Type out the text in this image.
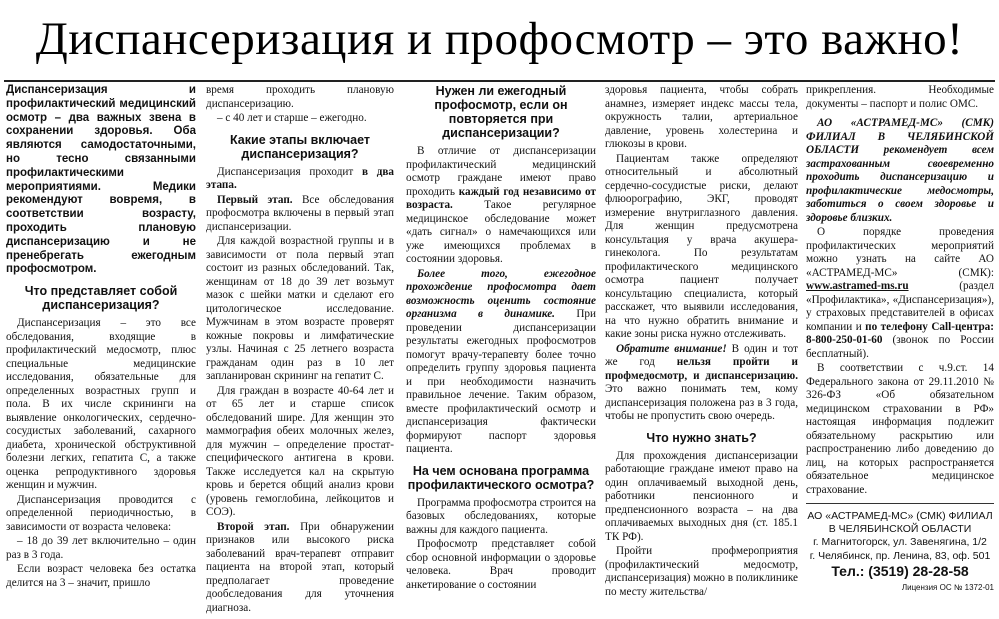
Диспансеризация и профосмотр – это важно!

Диспансеризация и профилактический медицинский осмотр – два важных звена в сохранении здоровья. Оба являются самодостаточными, но тесно связанными профилактическими мероприятиями. Медики рекомендуют вовремя, в соответствии возрасту, проходить плановую диспансеризацию и не пренебрегать ежегодным профосмотром.

Что представляет собой диспансеризация?

Диспансеризация – это все обследования, входящие в профилактический медосмотр, плюс специальные медицинские исследования, обязательные для определенных возрастных групп и пола. В их числе скрининги на выявление онкологических, сердечно-сосудистых заболеваний, сахарного диабета, хронической обструктивной болезни легких, гепатита С, а также оценка репродуктивного здоровья женщин и мужчин.

Диспансеризация проводится с определенной периодичностью, в зависимости от возраста человека:

– 18 до 39 лет включительно – один раз в 3 года.

Если возраст человека без остатка делится на 3 – значит, пришло

время проходить плановую диспансеризацию.

– с 40 лет и старше – ежегодно.

Какие этапы включает диспансеризация?

Диспансеризация проходит в два этапа.

Первый этап. Все обследования профосмотра включены в первый этап диспансеризации.

Для каждой возрастной группы и в зависимости от пола первый этап состоит из разных обследований. Так, женщинам от 18 до 39 лет возьмут мазок с шейки матки и сделают его цитологическое исследование. Мужчинам в этом возрасте проверят кожные покровы и лимфатические узлы. Начиная с 25 летнего возраста гражданам один раз в 10 лет запланирован скрининг на гепатит С.

Для граждан в возрасте 40-64 лет и от 65 лет и старше список обследований шире. Для женщин это маммография обеих молочных желез, для мужчин – определение простат-специфического антигена в крови. Также исследуется кал на скрытую кровь и берется общий анализ крови (уровень гемоглобина, лейкоцитов и СОЭ).

Второй этап. При обнаружении признаков или высокого риска заболеваний врач-терапевт отправит пациента на второй этап, который предполагает проведение дообследования для уточнения диагноза.

Нужен ли ежегодный профосмотр, если он повторяется при диспансеризации?

В отличие от диспансеризации профилактический медицинский осмотр граждане имеют право проходить каждый год независимо от возраста. Такое регулярное медицинское обследование может «дать сигнал» о намечающихся или уже имеющихся проблемах в состоянии здоровья.

Более того, ежегодное прохождение профосмотра дает возможность оценить состояние организма в динамике. При проведении диспансеризации результаты ежегодных профосмотров помогут врачу-терапевту более точно определить группу здоровья пациента и при необходимости назначить правильное лечение. Таким образом, вместе профилактический осмотр и диспансеризация фактически формируют паспорт здоровья пациента.

На чем основана программа профилактического осмотра?

Программа профосмотра строится на базовых обследованиях, которые важны для каждого пациента.

Профосмотр представляет собой сбор основной информации о здоровье человека. Врач проводит анкетирование о состоянии

здоровья пациента, чтобы собрать анамнез, измеряет индекс массы тела, окружность талии, артериальное давление, уровень холестерина и глюкозы в крови.

Пациентам также определяют относительный и абсолютный сердечно-сосудистые риски, делают флюорографию, ЭКГ, проводят измерение внутриглазного давления. Для женщин предусмотрена консультация у врача акушера-гинеколога. По результатам профилактического медицинского осмотра пациент получает консультацию специалиста, который расскажет, что выявили исследования, на что нужно обратить внимание и какие зоны риска нужно отслеживать.

Обратите внимание! В один и тот же год нельзя пройти и профмедосмотр, и диспансеризацию. Это важно понимать тем, кому диспансеризация положена раз в 3 года, чтобы не пропустить свою очередь.

Что нужно знать?

Для прохождения диспансеризации работающие граждане имеют право на один оплачиваемый выходной день, работники пенсионного и предпенсионного возраста – на два оплачиваемых выходных дня (ст. 185.1 ТК РФ).

Пройти профмероприятия (профилактический медосмотр, диспансеризация) можно в поликлинике по месту жительства/

прикрепления. Необходимые документы – паспорт и полис ОМС.

АО «АСТРАМЕД-МС» (СМК) ФИЛИАЛ В ЧЕЛЯБИНСКОЙ ОБЛАСТИ рекомендует всем застрахованным своевременно проходить диспансеризацию и профилактические медосмотры, заботиться о своем здоровье и здоровье близких.

О порядке проведения профилактических мероприятий можно узнать на сайте АО «АСТРАМЕД-МС» (СМК): www.astramed-ms.ru (раздел «Профилактика», «Диспансеризация»), у страховых представителей в офисах компании и по телефону Call-центра: 8-800-250-01-60 (звонок по России бесплатный).

В соответствии с ч.9.ст. 14 Федерального закона от 29.11.2010 № 326-ФЗ «Об обязательном медицинском страховании в РФ» настоящая информация подлежит обязательному раскрытию или распространению либо доведению до лиц, на которых распространяется обязательное медицинское страхование.

АО «АСТРАМЕД-МС» (СМК) ФИЛИАЛ В ЧЕЛЯБИНСКОЙ ОБЛАСТИ

г. Магнитогорск, ул. Завенягина, 1/2

г. Челябинск, пр. Ленина, 83, оф. 501

Тел.: (3519) 28-28-58
Лицензия ОС № 1372-01
